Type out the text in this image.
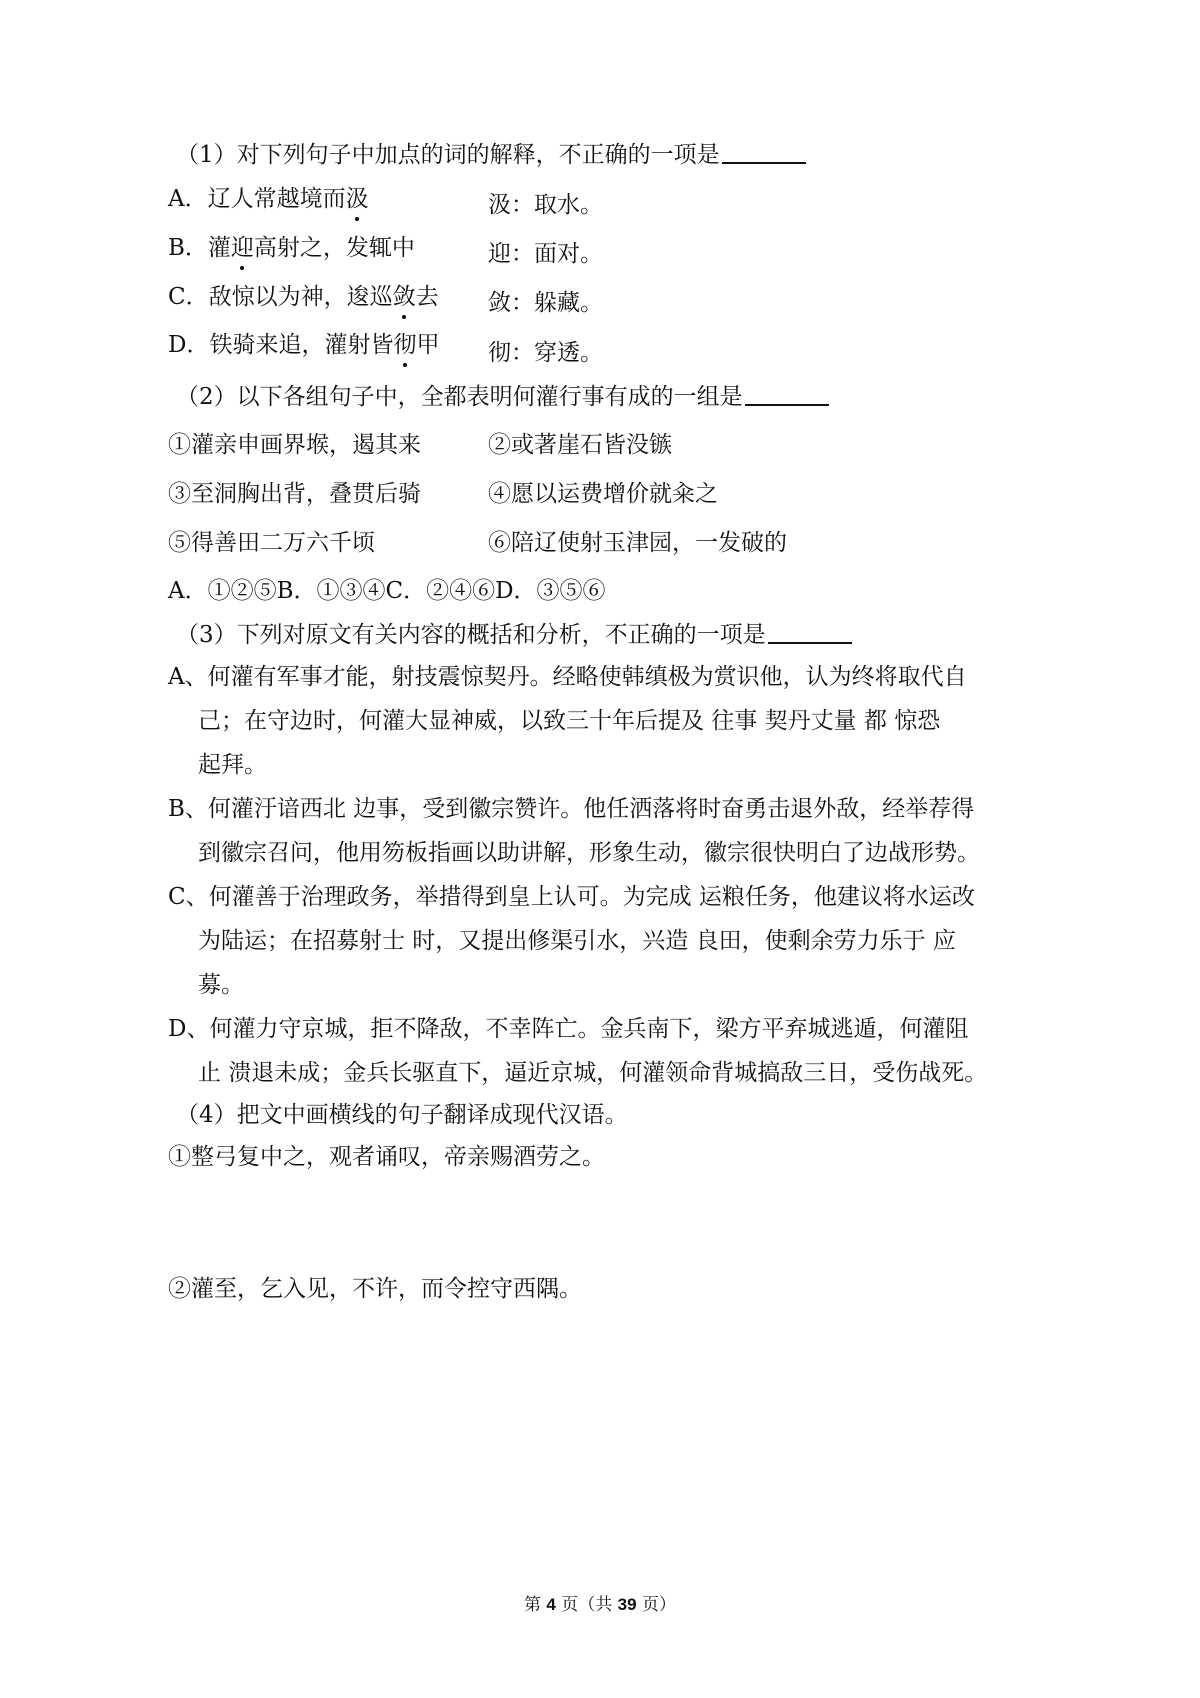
（1）对下列句子中加点的词的解释，不正确的一项是
A．辽人常越境而汲	汲：取水。
B．灌迎高射之，发辄中	迎：面对。
C．敌惊以为神，逡巡敛去 敛：躲藏。
D．铁骑来追，灌射皆彻甲 彻：穿透。
（2）以下各组句子中，全都表明何灌行事有成的一组是
①灌亲申画界堠，遏其来	②或著崖石皆没镞
③至洞胸出背，叠贯后骑	④愿以运费增价就籴之
⑤得善田二万六千顷	⑥陪辽使射玉津园，一发破的
A．①②⑤B．①③④C．②④⑥D．③⑤⑥
（3）下列对原文有关内容的概括和分析，不正确的一项是
A、何灌有军事才能，射技震惊契丹。经略使韩缜极为赏识他，认为终将取代自
己；在守边时，何灌大显神威，以致三十年后提及 往事 契丹丈量 都 惊恐
起拜。
B、何灌汙谙西北 边事，受到徽宗赞许。他任洒落将时奋勇击退外敌，经举荐得
到徽宗召问，他用笏板指画以助讲解，形象生动，徽宗很快明白了边战形势。
C、何灌善于治理政务，举措得到皇上认可。为完成 运粮任务，他建议将水运改
为陆运；在招募射士 时，又提出修渠引水，兴造 良田，使剩余劳力乐于 应
募。
D、何灌力守京城，拒不降敌，不幸阵亡。金兵南下，梁方平弃城逃遁，何灌阻
止 溃退未成；金兵长驱直下，逼近京城，何灌领命背城搞敌三日，受伤战死。
（4）把文中画横线的句子翻译成现代汉语。
①整弓复中之，观者诵叹，帝亲赐酒劳之。
②灌至，乞入见，不许，而令控守西隅。
第 4 页（共 39 页）
